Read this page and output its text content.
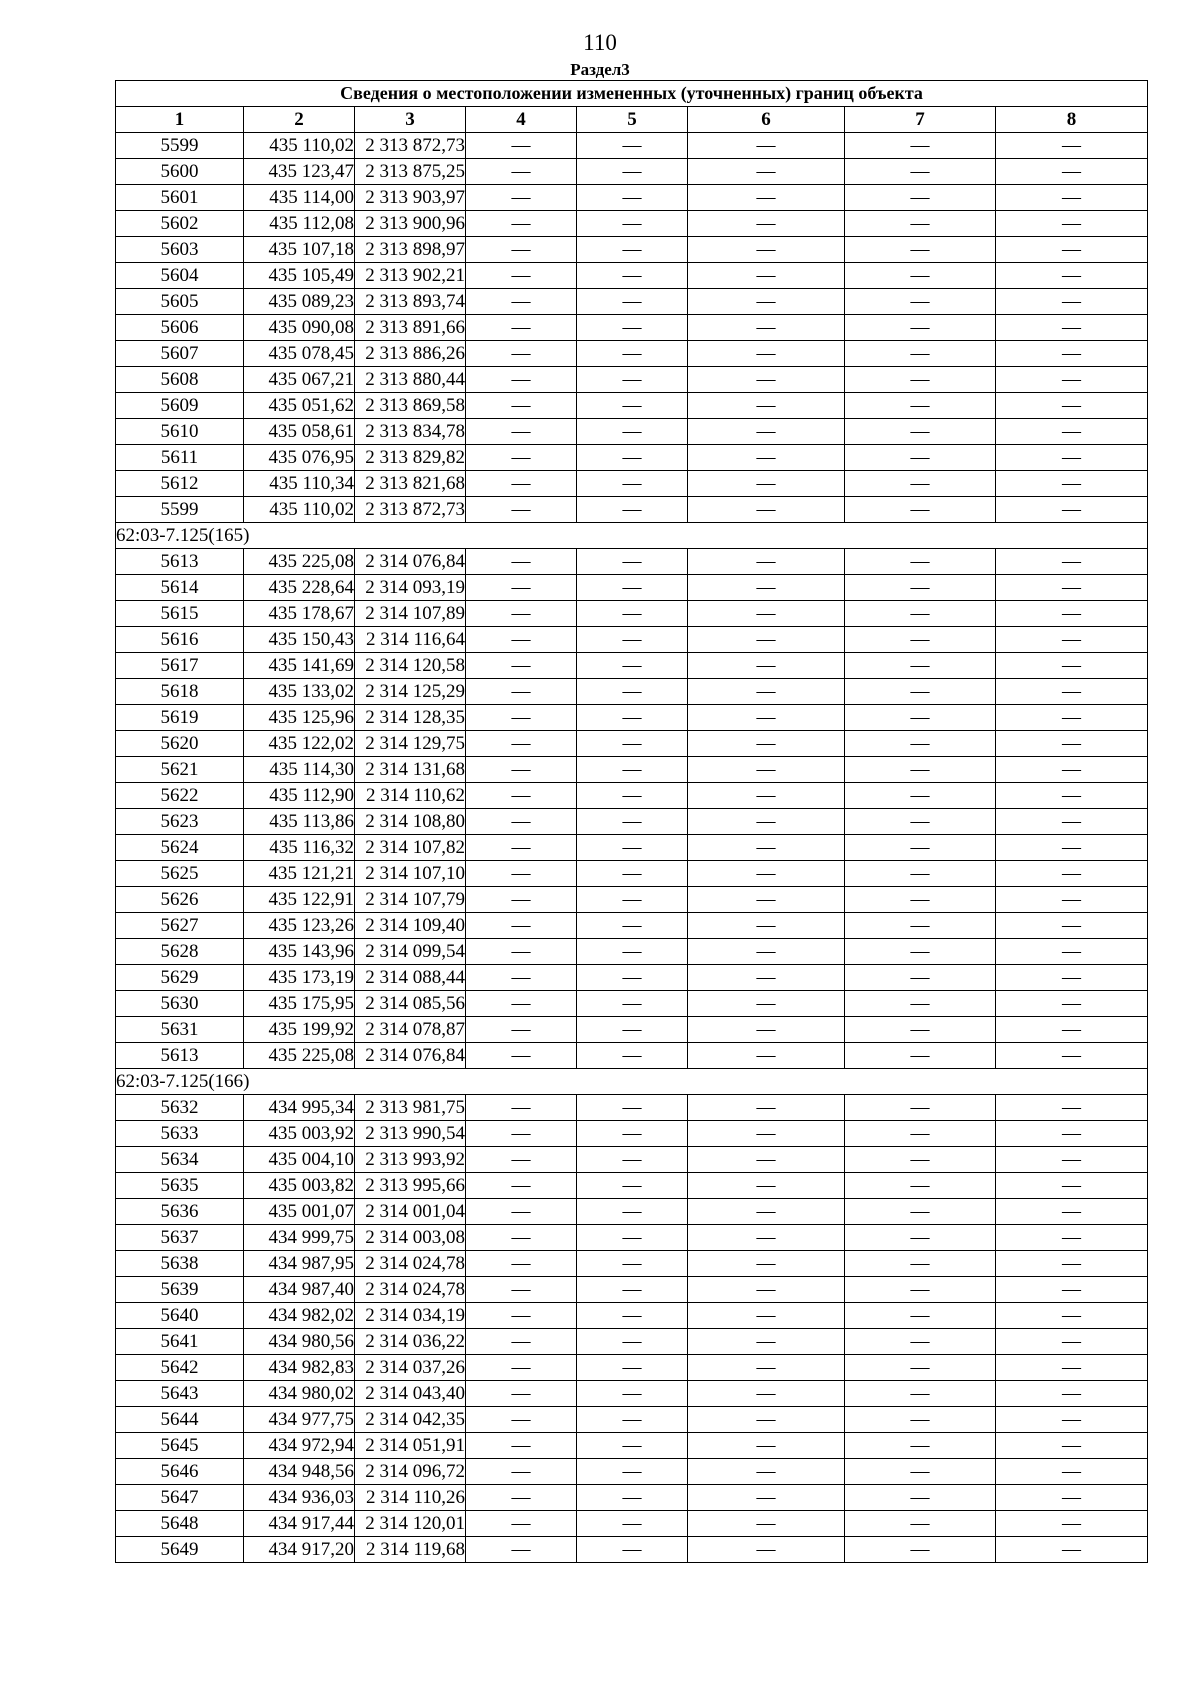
110
Раздел3
Сведения о местоположении измененных (уточненных) границ объекта							
1	2	3	4	5	6	7	8
5599	435 110,02	2 313 872,73	—	—	—	—	—
5600	435 123,47	2 313 875,25	—	—	—	—	—
5601	435 114,00	2 313 903,97	—	—	—	—	—
5602	435 112,08	2 313 900,96	—	—	—	—	—
5603	435 107,18	2 313 898,97	—	—	—	—	—
5604	435 105,49	2 313 902,21	—	—	—	—	—
5605	435 089,23	2 313 893,74	—	—	—	—	—
5606	435 090,08	2 313 891,66	—	—	—	—	—
5607	435 078,45	2 313 886,26	—	—	—	—	—
5608	435 067,21	2 313 880,44	—	—	—	—	—
5609	435 051,62	2 313 869,58	—	—	—	—	—
5610	435 058,61	2 313 834,78	—	—	—	—	—
5611	435 076,95	2 313 829,82	—	—	—	—	—
5612	435 110,34	2 313 821,68	—	—	—	—	—
5599	435 110,02	2 313 872,73	—	—	—	—	—
62:03-7.125(165)							
5613	435 225,08	2 314 076,84	—	—	—	—	—
5614	435 228,64	2 314 093,19	—	—	—	—	—
5615	435 178,67	2 314 107,89	—	—	—	—	—
5616	435 150,43	2 314 116,64	—	—	—	—	—
5617	435 141,69	2 314 120,58	—	—	—	—	—
5618	435 133,02	2 314 125,29	—	—	—	—	—
5619	435 125,96	2 314 128,35	—	—	—	—	—
5620	435 122,02	2 314 129,75	—	—	—	—	—
5621	435 114,30	2 314 131,68	—	—	—	—	—
5622	435 112,90	2 314 110,62	—	—	—	—	—
5623	435 113,86	2 314 108,80	—	—	—	—	—
5624	435 116,32	2 314 107,82	—	—	—	—	—
5625	435 121,21	2 314 107,10	—	—	—	—	—
5626	435 122,91	2 314 107,79	—	—	—	—	—
5627	435 123,26	2 314 109,40	—	—	—	—	—
5628	435 143,96	2 314 099,54	—	—	—	—	—
5629	435 173,19	2 314 088,44	—	—	—	—	—
5630	435 175,95	2 314 085,56	—	—	—	—	—
5631	435 199,92	2 314 078,87	—	—	—	—	—
5613	435 225,08	2 314 076,84	—	—	—	—	—
62:03-7.125(166)							
5632	434 995,34	2 313 981,75	—	—	—	—	—
5633	435 003,92	2 313 990,54	—	—	—	—	—
5634	435 004,10	2 313 993,92	—	—	—	—	—
5635	435 003,82	2 313 995,66	—	—	—	—	—
5636	435 001,07	2 314 001,04	—	—	—	—	—
5637	434 999,75	2 314 003,08	—	—	—	—	—
5638	434 987,95	2 314 024,78	—	—	—	—	—
5639	434 987,40	2 314 024,78	—	—	—	—	—
5640	434 982,02	2 314 034,19	—	—	—	—	—
5641	434 980,56	2 314 036,22	—	—	—	—	—
5642	434 982,83	2 314 037,26	—	—	—	—	—
5643	434 980,02	2 314 043,40	—	—	—	—	—
5644	434 977,75	2 314 042,35	—	—	—	—	—
5645	434 972,94	2 314 051,91	—	—	—	—	—
5646	434 948,56	2 314 096,72	—	—	—	—	—
5647	434 936,03	2 314 110,26	—	—	—	—	—
5648	434 917,44	2 314 120,01	—	—	—	—	—
5649	434 917,20	2 314 119,68	—	—	—	—	—
